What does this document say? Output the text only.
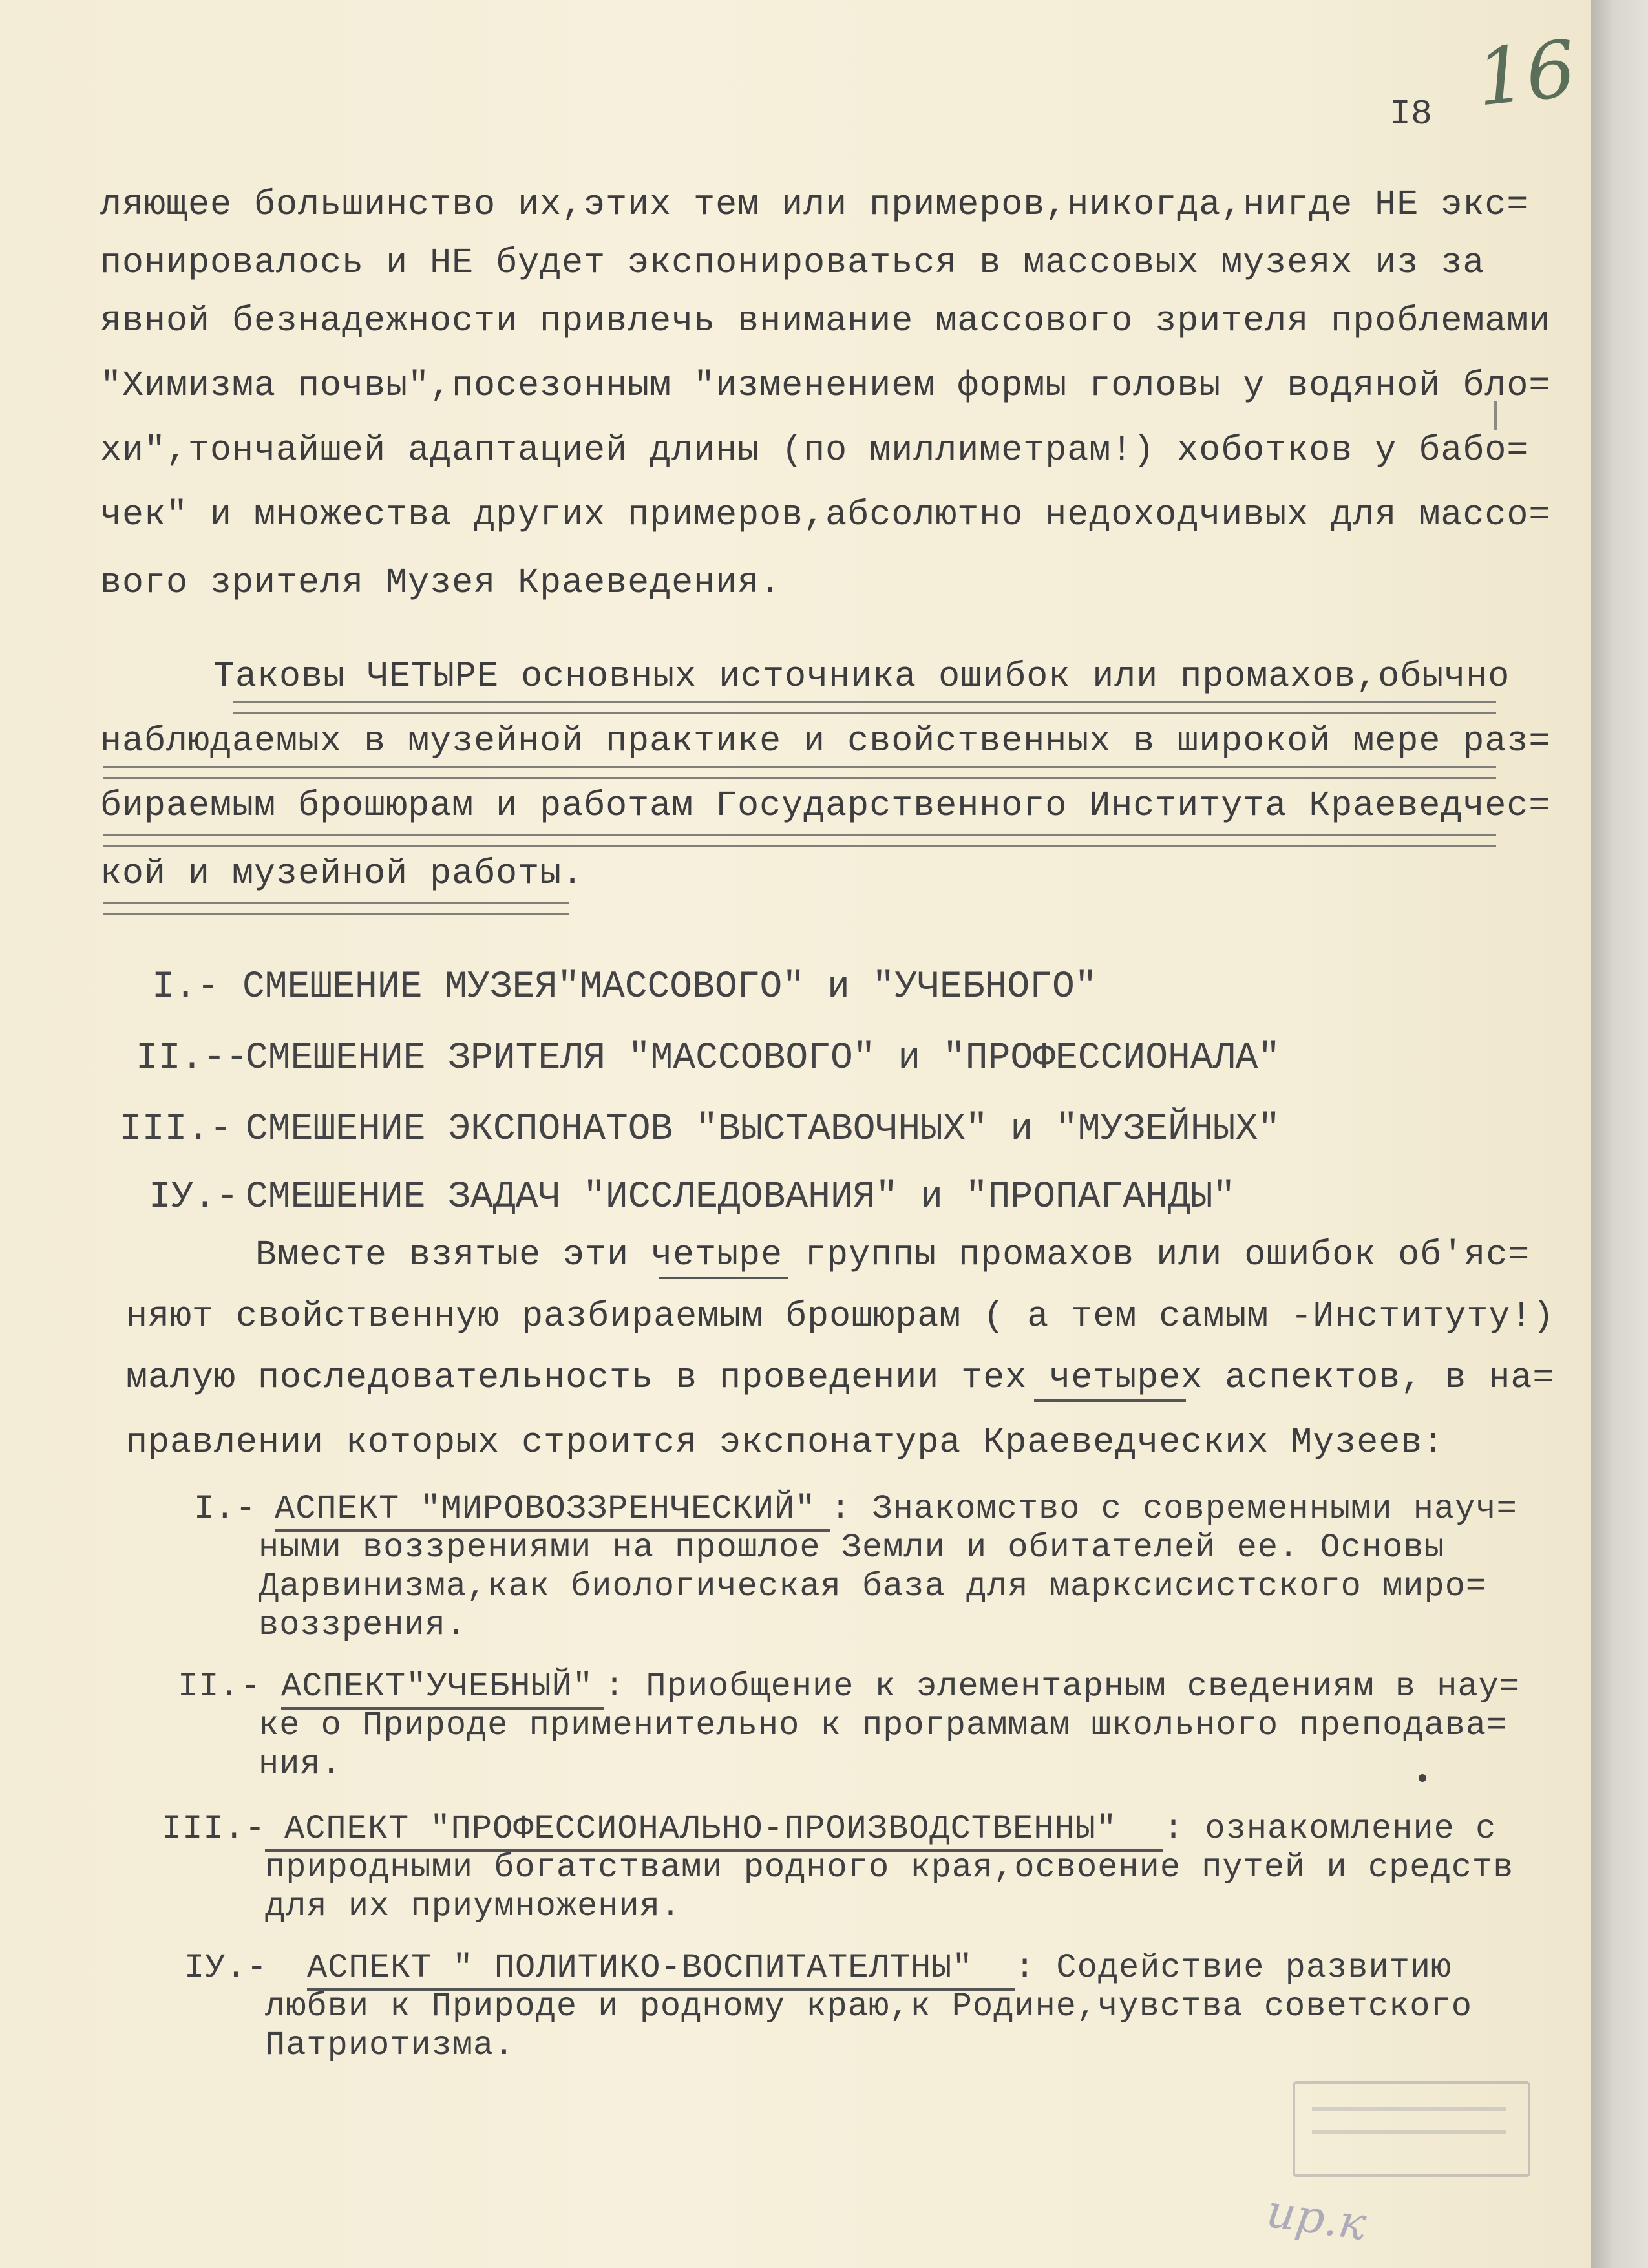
16
I8
ляющее большинство их,этих тем или примеров,никогда,нигде НЕ экс=
понировалось и НЕ будет экспонироваться в массовых музеях из за
явной безнадежности привлечь внимание массового зрителя проблемами
"Химизма почвы",посезонным "изменением формы головы у водяной бло=
хи",тончайшей адаптацией длины (по миллиметрам!) хоботков у бабо=
чек" и множества других примеров,абсолютно недоходчивых для массо=
вого зрителя Музея Краеведения.
Таковы ЧЕТЫРЕ основных источника ошибок или промахов,обычно
наблюдаемых в музейной практике и свойственных в широкой мере раз=
бираемым брошюрам и работам Государственного Института Краеведчес=
кой и музейной работы.
I.- СМЕШЕНИЕ МУЗЕЯ"МАССОВОГО" и "УЧЕБНОГО"
II.--
СМЕШЕНИЕ ЗРИТЕЛЯ "МАССОВОГО" и "ПРОФЕССИОНАЛА"
III.- СМЕШЕНИЕ ЭКСПОНАТОВ "ВЫСТАВОЧНЫХ" и "МУЗЕЙНЫХ"
IУ.- СМЕШЕНИЕ ЗАДАЧ "ИССЛЕДОВАНИЯ" и "ПРОПАГАНДЫ"
Вместе взятые эти четыре группы промахов или ошибок об'яс=
няют свойственную разбираемым брошюрам ( а тем самым -Институту!)
малую последовательность в проведении тех четырех аспектов, в на=
правлении которых строится экспонатура Краеведческих Музеев:
I.- АСПЕКТ "МИРОВОЗЗРЕНЧЕСКИЙ" : Знакомство с современными науч=
ными воззрениями на прошлое Земли и обитателей ее. Основы
Дарвинизма,как биологическая база для марксисистского миро=
воззрения.
II.- АСПЕКТ"УЧЕБНЫЙ" : Приобщение к элементарным сведениям в нау=
ке о Природе применительно к программам школьного преподава=
ния.
III.- АСПЕКТ "ПРОФЕССИОНАЛЬНО-ПРОИЗВОДСТВЕННЫ" : ознакомление с
природными богатствами родного края,освоение путей и средств
для их приумножения.
IУ.- АСПЕКТ " ПОЛИТИКО-ВОСПИТАТЕЛТНЫ" : Содействие развитию
любви к Природе и родному краю,к Родине,чувства советского
Патриотизма.
ир.к
